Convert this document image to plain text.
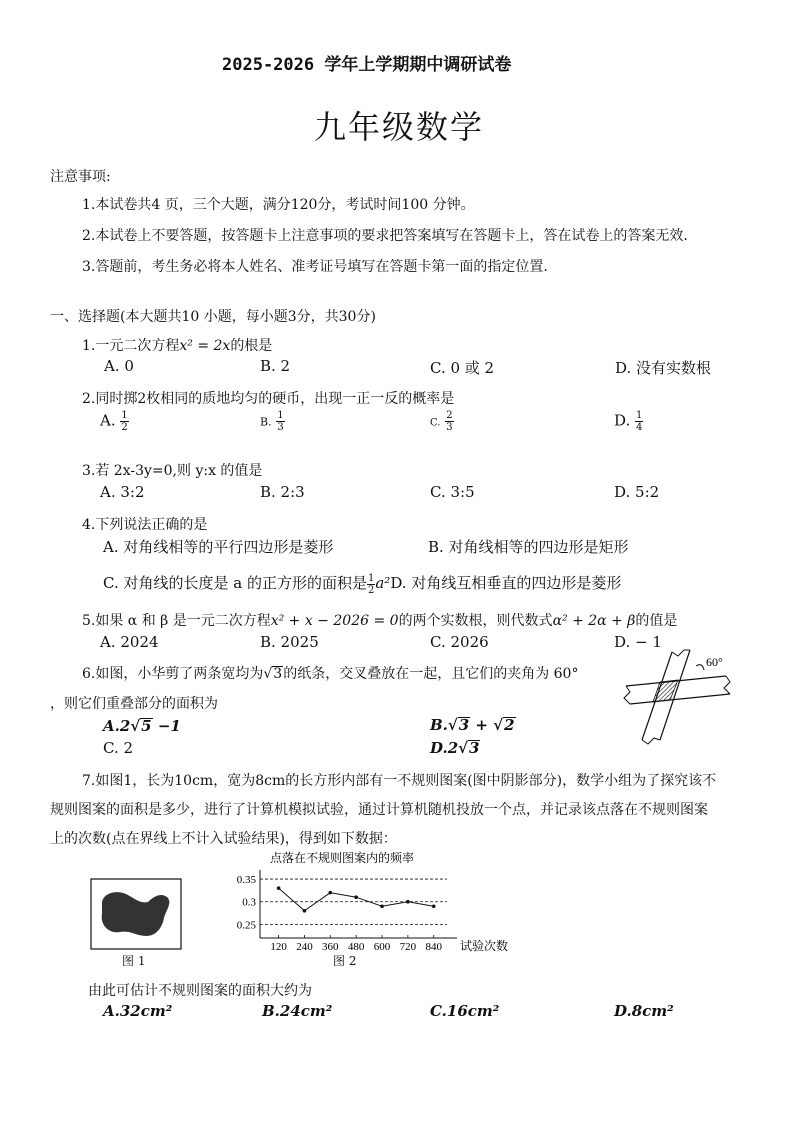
2025-2026 学年上学期期中调研试卷
九年级数学
注意事项:
1.本试卷共4 页，三个大题，满分120分，考试时间100 分钟。
2.本试卷上不要答题，按答题卡上注意事项的要求把答案填写在答题卡上，答在试卷上的答案无效.
3.答题前，考生务必将本人姓名、准考证号填写在答题卡第一面的指定位置.
一、选择题(本大题共10 小题，每小题3分，共30分)
1.一元二次方程x² = 2x的根是
A. 0	B. 2	C. 0 或 2	D. 没有实数根
2.同时掷2枚相同的质地均匀的硬币，出现一正一反的概率是
A. $\frac{1}{2}$	B. $\frac{1}{3}$	C. $\frac{2}{3}$	D. $\frac{1}{4}$
3.若 2x-3y=0,则 y:x 的值是
A. 3:2	B. 2:3	C. 3:5	D. 5:2
4.下列说法正确的是
A. 对角线相等的平行四边形是菱形	B. 对角线相等的四边形是矩形
C. 对角线的长度是 a 的正方形的面积是 $\frac{1}{2} a^2D$. 对角线互相垂直的四边形是菱形
5.如果 α 和 β 是一元二次方程x² + x − 2026 = 0的两个实数根，则代数式α² + 2α + β的值是
A. 2024	B. 2025	C. 2026	D. − 1
6.如图，小华剪了两条宽均为√3的纸条，交叉叠放在一起，且它们的夹角为 60°
，则它们重叠部分的面积为
A.2√5 −1	B.√3 + √2
C. 2	D.2√3
60°
7.如图1，长为10cm，宽为8cm的长方形内部有一不规则图案(图中阴影部分)，数学小组为了探究该不
规则图案的面积是多少，进行了计算机模拟试验，通过计算机随机投放一个点，并记录该点落在不规则图案
上的次数(点在界线上不计入试验结果)，得到如下数据：
图 1
点落在不规则图案内的频率
试验次数
0.25
0.3
0.35
120 240 360 480 600 720 840
图 2
由此可估计不规则图案的面积大约为
A.32cm²	B.24cm²	C.16cm²	D.8cm²
